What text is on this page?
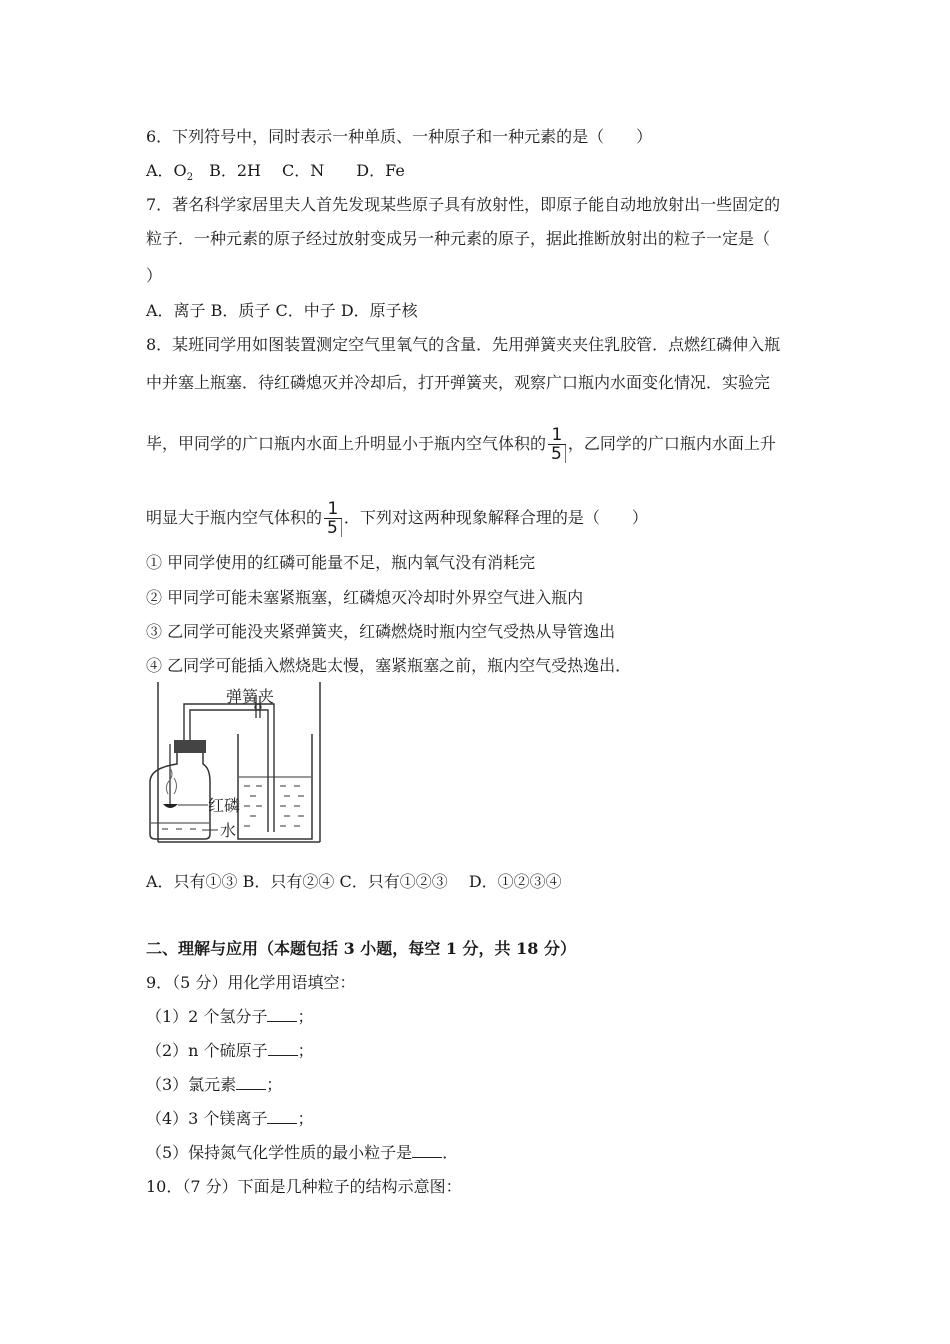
6．下列符号中，同时表示一种单质、一种原子和一种元素的是（　　）
A．$O_2$　B．2H　 C．N　　D．Fe
7．著名科学家居里夫人首先发现某些原子具有放射性，即原子能自动地放射出一些固定的
粒子．一种元素的原子经过放射变成另一种元素的原子，据此推断放射出的粒子一定是（
）
A．离子 B．质子 C．中子 D．原子核
8．某班同学用如图装置测定空气里氧气的含量．先用弹簧夹夹住乳胶管．点燃红磷伸入瓶
中并塞上瓶塞．待红磷熄灭并冷却后，打开弹簧夹，观察广口瓶内水面变化情况．实验完
毕，甲同学的广口瓶内水面上升明显小于瓶内空气体积的 $\frac{1}{5}$ ，乙同学的广口瓶内水面上升
明显大于瓶内空气体积的 $\frac{1}{5}$ ．下列对这两种现象解释合理的是（　　）
① 甲同学使用的红磷可能量不足，瓶内氧气没有消耗完
② 甲同学可能未塞紧瓶塞，红磷熄灭冷却时外界空气进入瓶内
③ 乙同学可能没夹紧弹簧夹，红磷燃烧时瓶内空气受热从导管逸出
④ 乙同学可能插入燃烧匙太慢，塞紧瓶塞之前，瓶内空气受热逸出．
弹簧夹
红磷
水
A．只有①③ B．只有②④ C．只有①②③　 D．①②③④
二、理解与应用（本题包括 3 小题，每空 1 分，共 18 分）
9．（5 分）用化学用语填空：
（1）2 个氢分子 ；
（2）n 个硫原子 ；
（3）氯元素 ；
（4）3 个镁离子 ；
（5）保持氮气化学性质的最小粒子是 ．
10．（7 分）下面是几种粒子的结构示意图：
